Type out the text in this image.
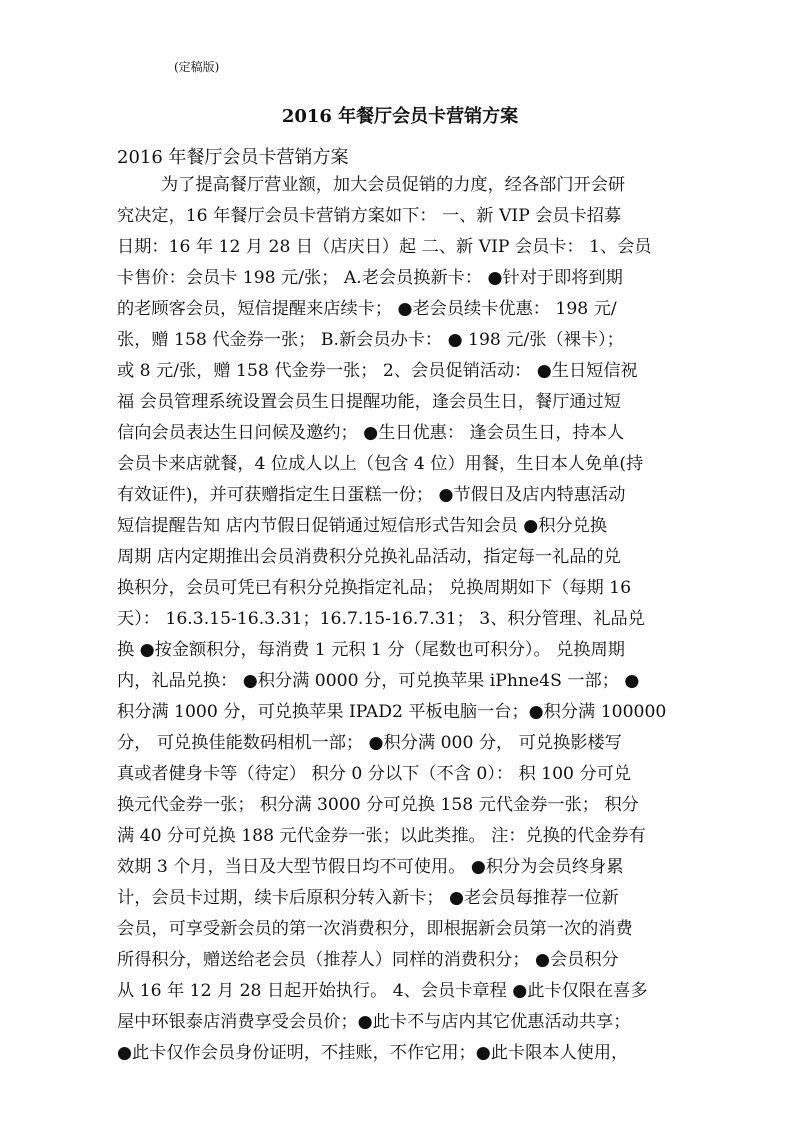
(定稿版)
2016 年餐厅会员卡营销方案
2016 年餐厅会员卡营销方案
为了提高餐厅营业额，加大会员促销的力度，经各部门开会研
究决定，16 年餐厅会员卡营销方案如下： 一、新 VIP 会员卡招募
日期：16 年 12 月 28 日（店庆日）起 二、新 VIP 会员卡： 1、会员
卡售价：会员卡 198 元/张； A.老会员换新卡： ●针对于即将到期
的老顾客会员，短信提醒来店续卡； ●老会员续卡优惠： 198 元/
张，赠 158 代金券一张； B.新会员办卡： ● 198 元/张（裸卡）；
或 8 元/张，赠 158 代金券一张； 2、会员促销活动： ●生日短信祝
福 会员管理系统设置会员生日提醒功能，逢会员生日，餐厅通过短
信向会员表达生日问候及邀约； ●生日优惠： 逢会员生日，持本人
会员卡来店就餐，4 位成人以上（包含 4 位）用餐，生日本人免单(持
有效证件)，并可获赠指定生日蛋糕一份； ●节假日及店内特惠活动
短信提醒告知 店内节假日促销通过短信形式告知会员 ●积分兑换
周期 店内定期推出会员消费积分兑换礼品活动，指定每一礼品的兑
换积分，会员可凭已有积分兑换指定礼品； 兑换周期如下（每期 16
天）： 16.3.15-16.3.31；16.7.15-16.7.31； 3、积分管理、礼品兑
换 ●按金额积分，每消费 1 元积 1 分（尾数也可积分）。 兑换周期
内，礼品兑换： ●积分满 0000 分，可兑换苹果 iPhne4S 一部； ●
积分满 1000 分，可兑换苹果 IPAD2 平板电脑一台；●积分满 100000
分， 可兑换佳能数码相机一部； ●积分满 000 分， 可兑换影楼写
真或者健身卡等（待定） 积分 0 分以下（不含 0）： 积 100 分可兑
换元代金券一张； 积分满 3000 分可兑换 158 元代金券一张； 积分
满 40 分可兑换 188 元代金券一张；以此类推。 注：兑换的代金券有
效期 3 个月，当日及大型节假日均不可使用。 ●积分为会员终身累
计，会员卡过期，续卡后原积分转入新卡； ●老会员每推荐一位新
会员，可享受新会员的第一次消费积分，即根据新会员第一次的消费
所得积分，赠送给老会员（推荐人）同样的消费积分； ●会员积分
从 16 年 12 月 28 日起开始执行。 4、会员卡章程 ●此卡仅限在喜多
屋中环银泰店消费享受会员价；●此卡不与店内其它优惠活动共享；
●此卡仅作会员身份证明，不挂账，不作它用；●此卡限本人使用，
